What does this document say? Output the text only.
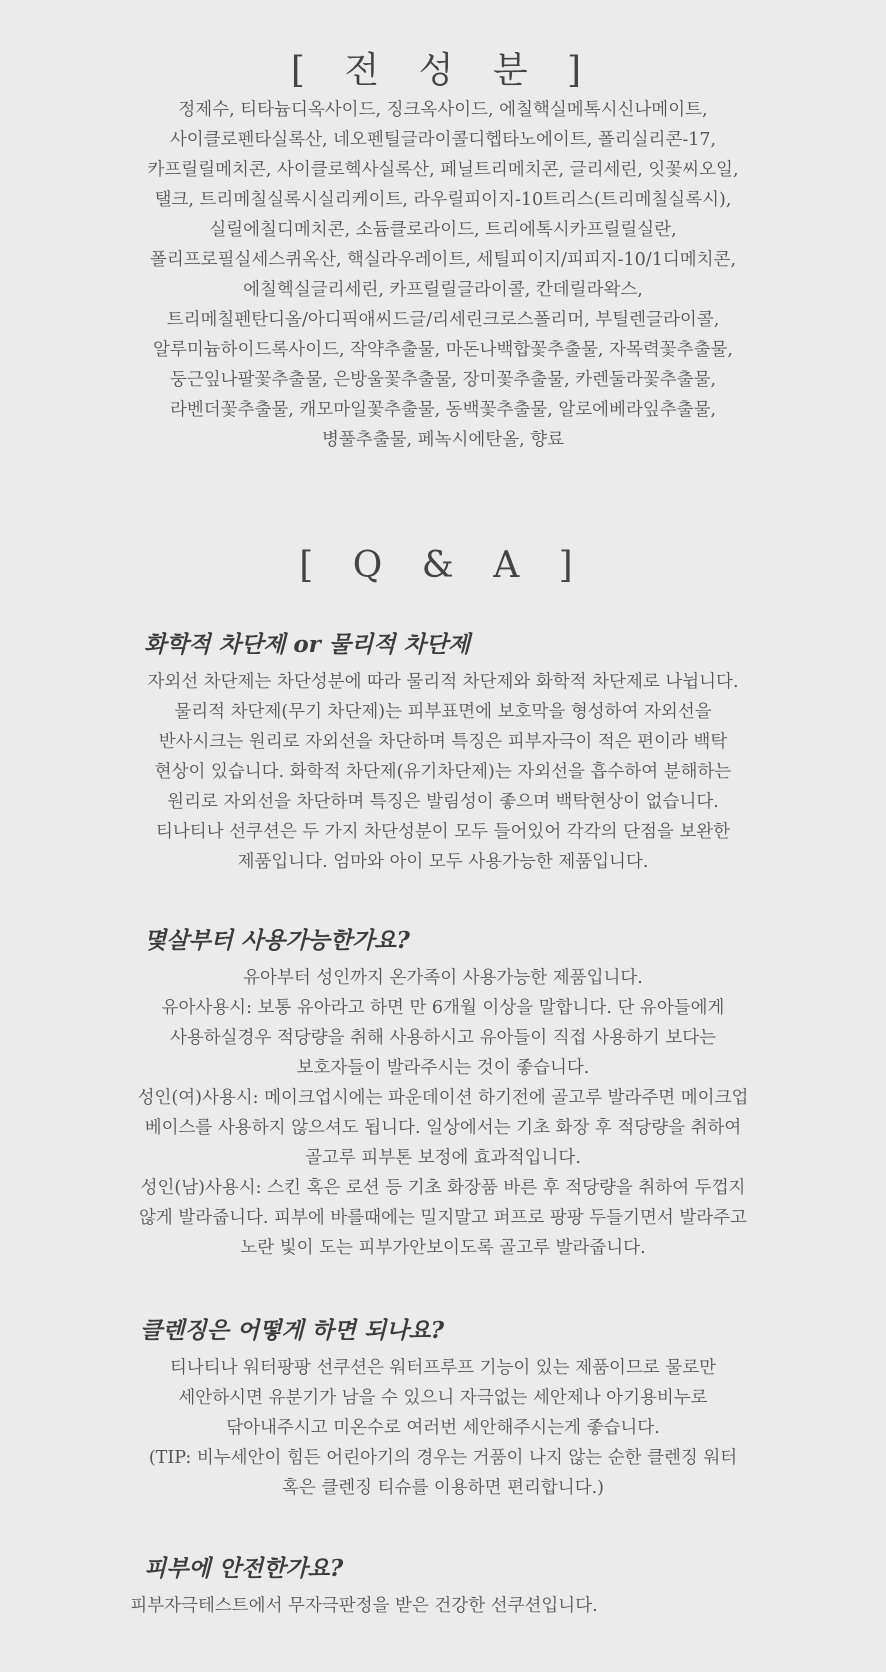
[ 전 성 분 ]
정제수, 티타늄디옥사이드, 징크옥사이드, 에칠핵실메톡시신나메이트,
사이클로펜타실록산, 네오펜틸글라이콜디헵타노에이트, 폴리실리콘-17,
카프릴릴메치콘, 사이클로헥사실록산, 페닐트리메치콘, 글리세린, 잇꽃씨오일,
탤크, 트리메칠실록시실리케이트, 라우릴피이지-10트리스(트리메칠실록시),
실릴에칠디메치콘, 소듐클로라이드, 트리에톡시카프릴릴실란,
폴리프로필실세스퀴옥산, 핵실라우레이트, 세틸피이지/피피지-10/1디메치콘,
에칠헥실글리세린, 카프릴릴글라이콜, 칸데릴라왁스,
트리메칠펜탄디올/아디픽애씨드글/리세린크로스폴리머, 부틸렌글라이콜,
알루미늄하이드록사이드, 작약추출물, 마돈나백합꽃추출물, 자목력꽃추출물,
둥근잎나팔꽃추출물, 은방울꽃추출물, 장미꽃추출물, 카렌둘라꽃추출물,
라벤더꽃추출물, 캐모마일꽃추출물, 동백꽃추출물, 알로에베라잎추출물,
병풀추출물, 페녹시에탄올, 향료
[ Q & A ]
화학적 차단제 or 물리적 차단제
자외선 차단제는 차단성분에 따라 물리적 차단제와 화학적 차단제로 나뉩니다.
물리적 차단제(무기 차단제)는 피부표면에 보호막을 형성하여 자외선을
반사시크는 원리로 자외선을 차단하며 특징은 피부자극이 적은 편이라 백탁
현상이 있습니다. 화학적 차단제(유기차단제)는 자외선을 흡수하여 분해하는
원리로 자외선을 차단하며 특징은 발림성이 좋으며 백탁현상이 없습니다.
티나티나 선쿠션은 두 가지 차단성분이 모두 들어있어 각각의 단점을 보완한
제품입니다. 엄마와 아이 모두 사용가능한 제품입니다.
몇살부터 사용가능한가요?
유아부터 성인까지 온가족이 사용가능한 제품입니다.
유아사용시: 보통 유아라고 하면 만 6개월 이상을 말합니다. 단 유아들에게
사용하실경우 적당량을 취해 사용하시고 유아들이 직접 사용하기 보다는
보호자들이 발라주시는 것이 좋습니다.
성인(여)사용시: 메이크업시에는 파운데이션 하기전에 골고루 발라주면 메이크업
베이스를 사용하지 않으셔도 됩니다. 일상에서는 기초 화장 후 적당량을 취하여
골고루 피부톤 보정에 효과적입니다.
성인(남)사용시: 스킨 혹은 로션 등 기초 화장품 바른 후 적당량을 취하여 두껍지
않게 발라줍니다. 피부에 바를때에는 밀지말고 퍼프로 팡팡 두들기면서 발라주고
노란 빛이 도는 피부가안보이도록 골고루 발라줍니다.
클렌징은 어떻게 하면 되나요?
티나티나 워터팡팡 선쿠션은 워터프루프 기능이 있는 제품이므로 물로만
세안하시면 유분기가 남을 수 있으니 자극없는 세안제나 아기용비누로
닦아내주시고 미온수로 여러번 세안해주시는게 좋습니다.
(TIP: 비누세안이 힘든 어린아기의 경우는 거품이 나지 않는 순한 클렌징 워터
혹은 클렌징 티슈를 이용하면 편리합니다.)
피부에 안전한가요?
피부자극테스트에서 무자극판정을 받은 건강한 선쿠션입니다.
